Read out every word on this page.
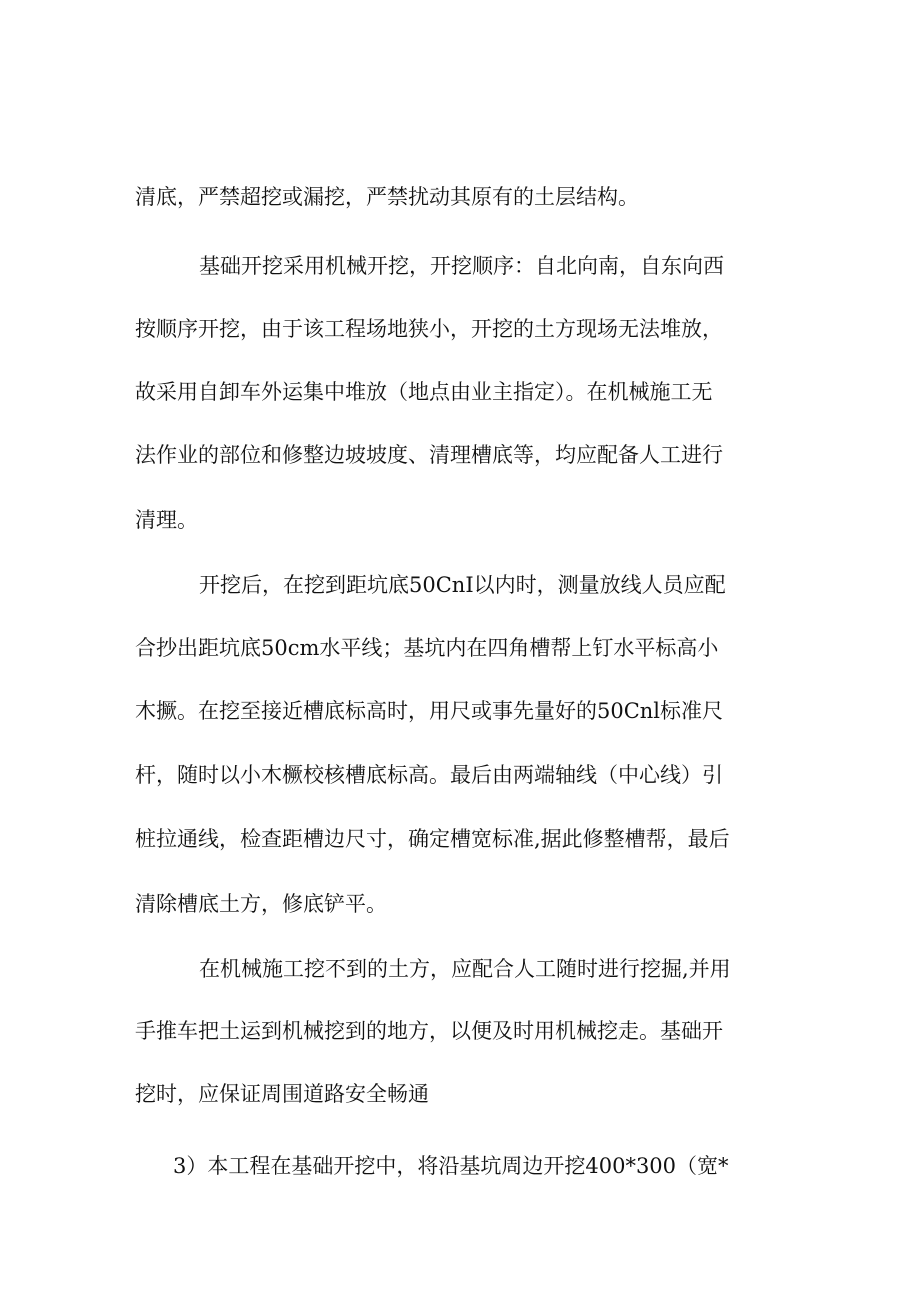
清底，严禁超挖或漏挖，严禁扰动其原有的土层结构。
基础开挖采用机械开挖，开挖顺序：自北向南，自东向西
按顺序开挖，由于该工程场地狭小，开挖的土方现场无法堆放，
故采用自卸车外运集中堆放（地点由业主指定）。在机械施工无
法作业的部位和修整边坡坡度、清理槽底等，均应配备人工进行
清理。
开挖后，在挖到距坑底50CnI以内时，测量放线人员应配
合抄出距坑底50cm水平线；基坑内在四角槽帮上钉水平标高小
木撅。在挖至接近槽底标高时，用尺或事先量好的50Cnl标准尺
杆，随时以小木橛校核槽底标高。最后由两端轴线（中心线）引
桩拉通线，检查距槽边尺寸，确定槽宽标准,据此修整槽帮，最后
清除槽底土方，修底铲平。
在机械施工挖不到的土方，应配合人工随时进行挖掘,并用
手推车把土运到机械挖到的地方，以便及时用机械挖走。基础开
挖时，应保证周围道路安全畅通
3）本工程在基础开挖中，将沿基坑周边开挖400*300（宽*
